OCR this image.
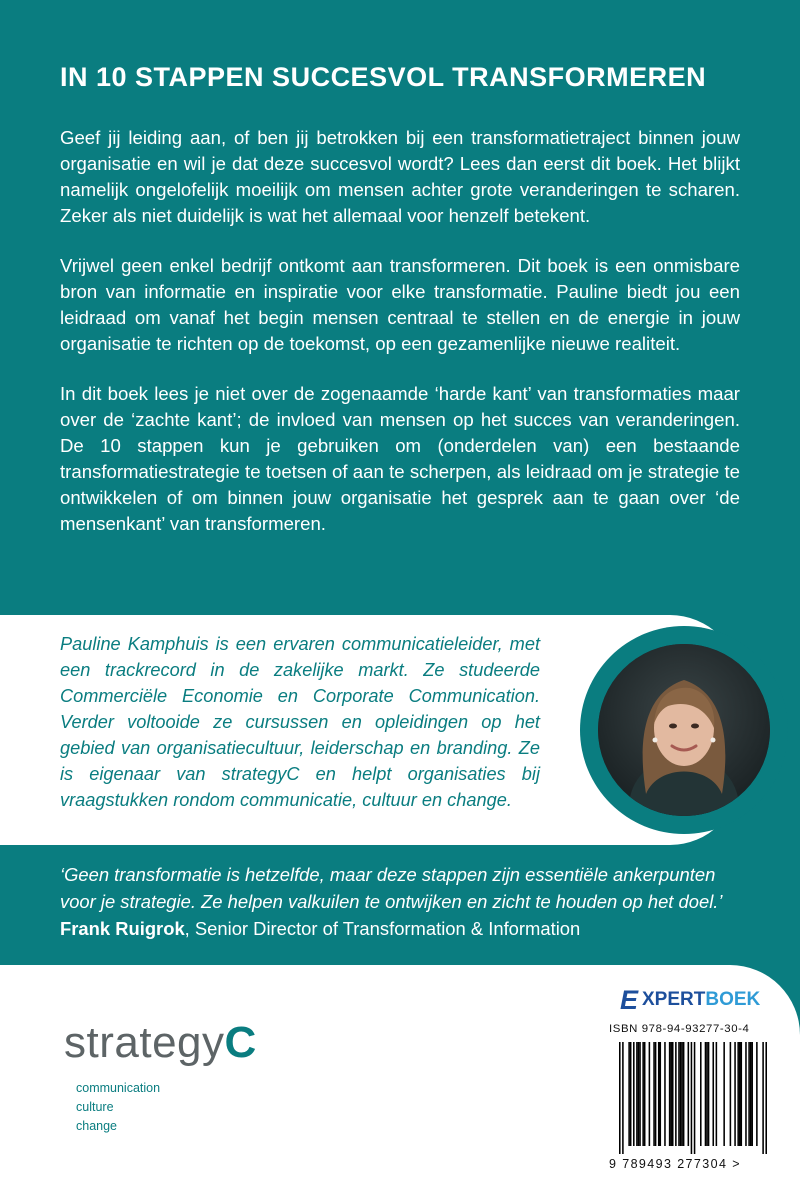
IN 10 STAPPEN SUCCESVOL TRANSFORMEREN

Geef jij leiding aan, of ben jij betrokken bij een transformatietraject binnen jouw organisatie en wil je dat deze succesvol wordt? Lees dan eerst dit boek. Het blijkt namelijk ongelofelijk moeilijk om mensen achter grote veranderingen te scharen. Zeker als niet duidelijk is wat het allemaal voor henzelf betekent.

Vrijwel geen enkel bedrijf ontkomt aan transformeren. Dit boek is een onmisbare bron van informatie en inspiratie voor elke transformatie. Pauline biedt jou een leidraad om vanaf het begin mensen centraal te stellen en de energie in jouw organisatie te richten op de toekomst, op een gezamenlijke nieuwe realiteit.

In dit boek lees je niet over de zogenaamde ‘harde kant’ van transformaties maar over de ‘zachte kant’; de invloed van mensen op het succes van veranderingen. De 10 stappen kun je gebruiken om (onderdelen van) een bestaande transformatiestrategie te toetsen of aan te scherpen, als leidraad om je strategie te ontwikkelen of om binnen jouw organisatie het gesprek aan te gaan over ‘de mensenkant’ van transformeren.

Pauline Kamphuis is een ervaren communicatieleider, met een trackrecord in de zakelijke markt. Ze studeerde Commerciële Economie en Corporate Communication. Verder voltooide ze cursussen en opleidingen op het gebied van organisatiecultuur, leiderschap en branding. Ze is eigenaar van strategyC en helpt organisaties bij vraagstukken rondom communicatie, cultuur en change.

‘Geen transformatie is hetzelfde, maar deze stappen zijn essentiële ankerpunten voor je strategie. Ze helpen valkuilen te ontwijken en zicht te houden op het doel.’ Frank Ruigrok, Senior Director of Transformation & Information

strategyC
communication
culture
change
E XPERTBOEK
ISBN 978-94-93277-30-4
9 789493 277304 >
